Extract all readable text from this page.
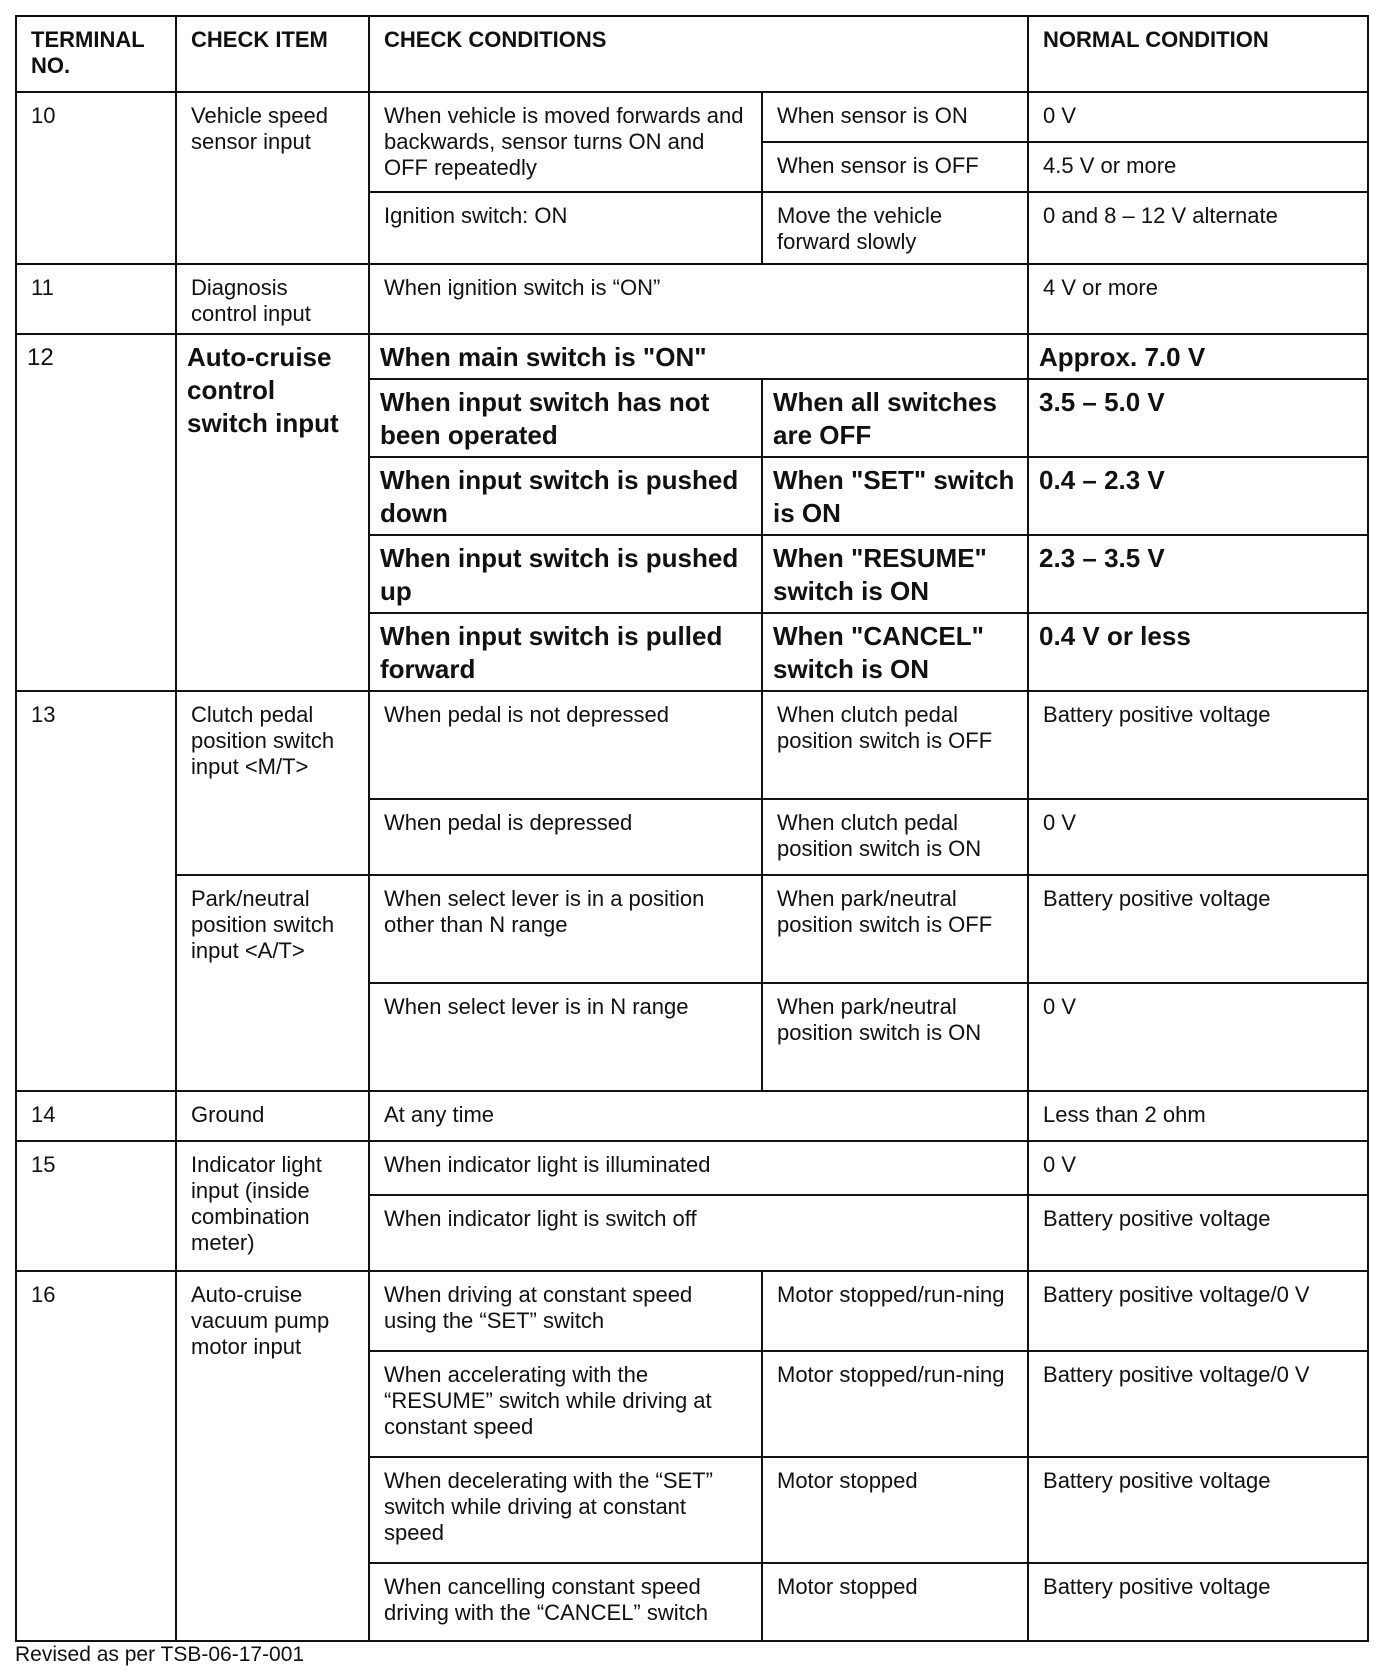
TERMINAL NO.	CHECK ITEM	CHECK CONDITIONS		NORMAL CONDITION
10	Vehicle speed sensor input	When vehicle is moved forwards and backwards, sensor turns ON and OFF repeatedly	When sensor is ON	0 V
			When sensor is OFF	4.5 V or more
		Ignition switch: ON	Move the vehicle forward slowly	0 and 8 – 12 V alternate
11	Diagnosis control input	When ignition switch is “ON”		4 V or more
12	Auto-cruise control switch input	When main switch is "ON"		Approx. 7.0 V
		When input switch has not been operated	When all switches are OFF	3.5 – 5.0 V
		When input switch is pushed down	When "SET" switch is ON	0.4 – 2.3 V
		When input switch is pushed up	When "RESUME" switch is ON	2.3 – 3.5 V
		When input switch is pulled forward	When "CANCEL" switch is ON	0.4 V or less
13	Clutch pedal position switch input <M/T>	When pedal is not depressed	When clutch pedal position switch is OFF	Battery positive voltage
		When pedal is depressed	When clutch pedal position switch is ON	0 V
	Park/neutral position switch input <A/T>	When select lever is in a position other than N range	When park/neutral position switch is OFF	Battery positive voltage
		When select lever is in N range	When park/neutral position switch is ON	0 V
14	Ground	At any time		Less than 2 ohm
15	Indicator light input (inside combination meter)	When indicator light is illuminated		0 V
		When indicator light is switch off		Battery positive voltage
16	Auto-cruise vacuum pump motor input	When driving at constant speed using the “SET” switch	Motor stopped/run-ning	Battery positive voltage/0 V
		When accelerating with the “RESUME” switch while driving at constant speed	Motor stopped/run-ning	Battery positive voltage/0 V
		When decelerating with the “SET” switch while driving at constant speed	Motor stopped	Battery positive voltage
		When cancelling constant speed driving with the “CANCEL” switch	Motor stopped	Battery positive voltage
Revised as per TSB-06-17-001
